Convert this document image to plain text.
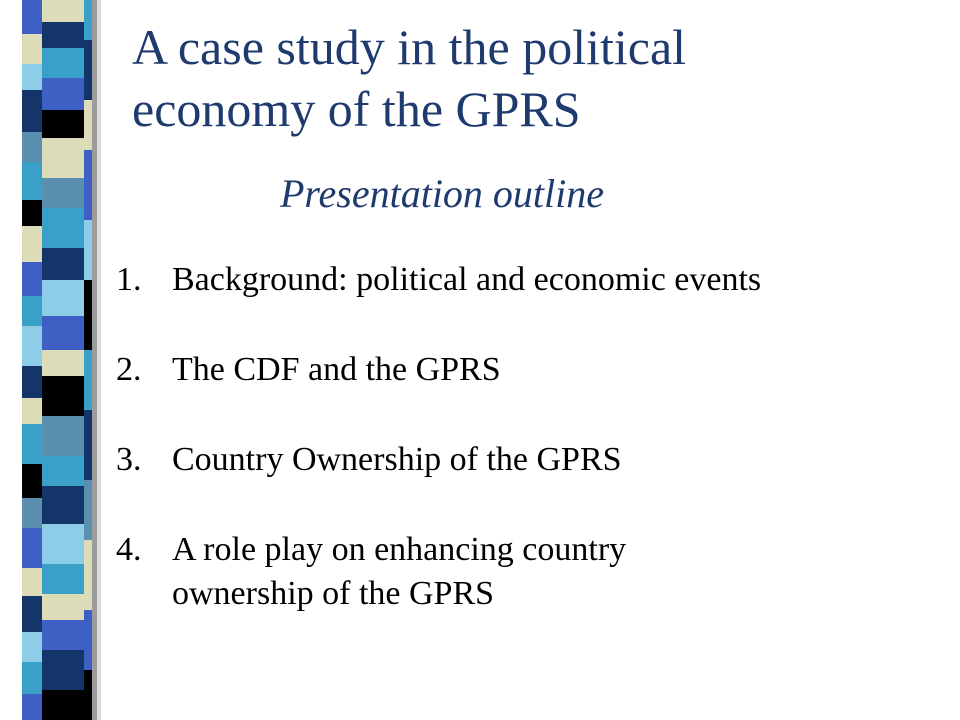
A case study in the political
economy of the GPRS
Presentation outline
1. Background: political and economic events
2. The CDF and the GPRS
3. Country Ownership of the GPRS
4. A role play on enhancing country
ownership of the GPRS
